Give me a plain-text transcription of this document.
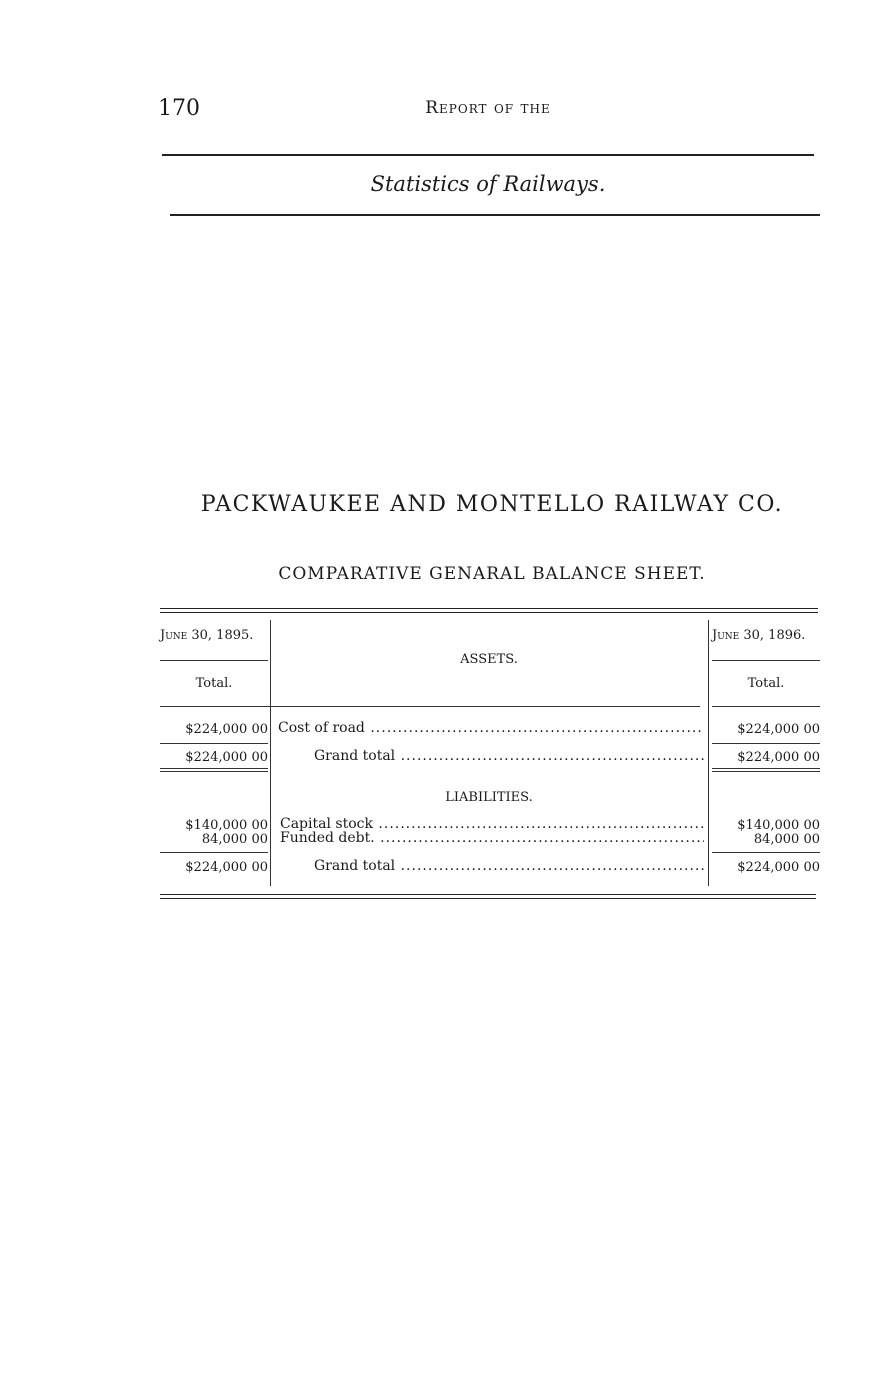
170	Report of the
Statistics of Railways.
PACKWAUKEE AND MONTELLO RAILWAY CO.
COMPARATIVE GENARAL BALANCE SHEET.
June 30, 1895.	June 30, 1896.
Total.	Total.
ASSETS.
$224,000 00 Cost of road .....	$224,000 00
$224,000 00	Grand total .....	$224,000 00
LIABILITIES.
$140,000 00 Capital stock .....	$140,000 00
84,000 00 Funded debt. .....	84,000 00
$224,000 00	Grand total .....	$224,000 00
